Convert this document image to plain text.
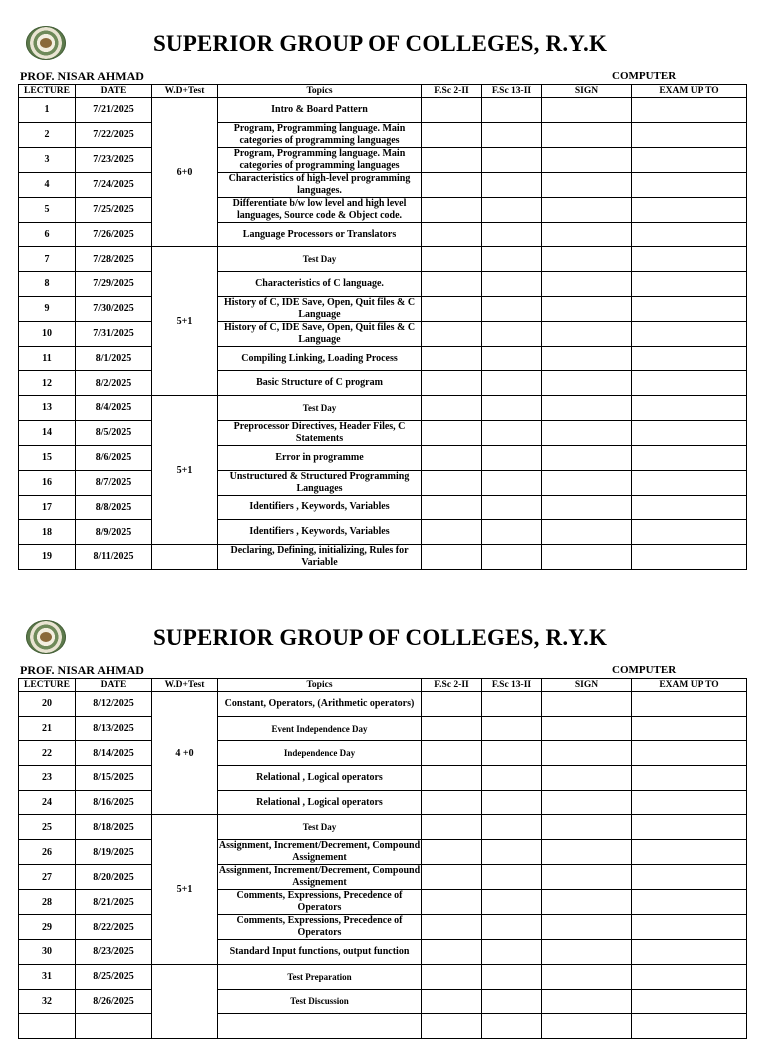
SUPERIOR GROUP OF COLLEGES, R.Y.K
PROF. NISAR AHMAD	COMPUTER
LECTURE	DATE	W.D+Test	Topics	F.Sc 2-II	F.Sc 13-II	SIGN	EXAM UP TO
1	7/21/2025	6+0	Intro & Board Pattern				
2	7/22/2025		Program, Programming language. Main categories of programming languages				
3	7/23/2025		Program, Programming language. Main categories of programming languages				
4	7/24/2025		Characteristics of high-level programming languages.				
5	7/25/2025		Differentiate b/w low level and high level languages, Source code & Object code.				
6	7/26/2025		Language Processors or Translators				
7	7/28/2025	5+1	Test Day				
8	7/29/2025		Characteristics of C language.				
9	7/30/2025		History of C, IDE Save, Open, Quit files & C Language				
10	7/31/2025		History of C, IDE Save, Open, Quit files & C Language				
11	8/1/2025		Compiling Linking, Loading Process				
12	8/2/2025		Basic Structure of C program				
13	8/4/2025	5+1	Test Day				
14	8/5/2025		Preprocessor Directives, Header Files, C Statements				
15	8/6/2025		Error in programme				
16	8/7/2025		Unstructured & Structured Programming Languages				
17	8/8/2025		Identifiers , Keywords, Variables				
18	8/9/2025		Identifiers , Keywords, Variables				
19	8/11/2025		Declaring, Defining, initializing, Rules for Variable				
SUPERIOR GROUP OF COLLEGES, R.Y.K
PROF. NISAR AHMAD	COMPUTER
LECTURE	DATE	W.D+Test	Topics	F.Sc 2-II	F.Sc 13-II	SIGN	EXAM UP TO
20	8/12/2025	4 +0	Constant, Operators, (Arithmetic operators)				
21	8/13/2025		Event Independence Day				
22	8/14/2025		Independence Day				
23	8/15/2025		Relational , Logical operators				
24	8/16/2025		Relational , Logical operators				
25	8/18/2025	5+1	Test Day				
26	8/19/2025		Assignment, Increment/Decrement, Compound Assignement				
27	8/20/2025		Assignment, Increment/Decrement, Compound Assignement				
28	8/21/2025		Comments, Expressions, Precedence of Operators				
29	8/22/2025		Comments, Expressions, Precedence of Operators				
30	8/23/2025		Standard Input functions, output function				
31	8/25/2025		Test Preparation				
32	8/26/2025		Test Discussion				
